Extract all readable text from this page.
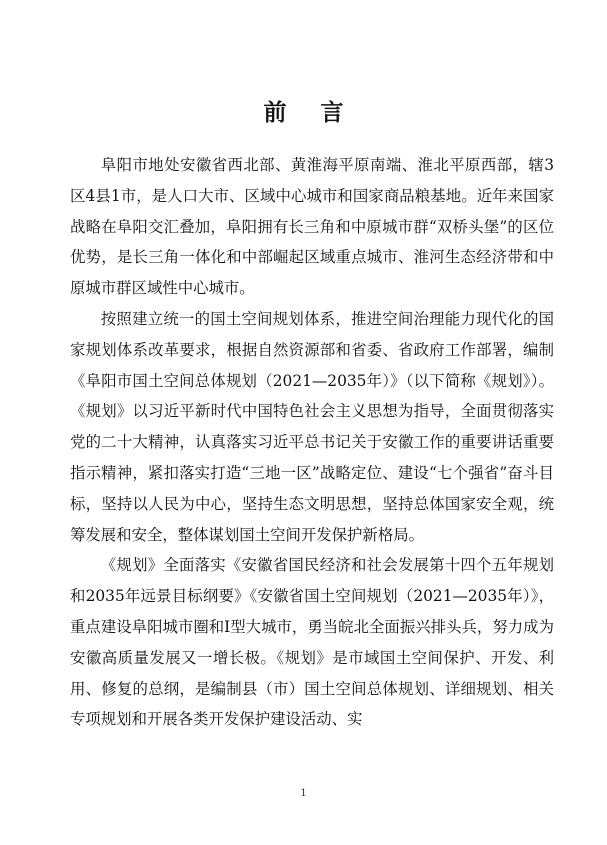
前 言

阜阳市地处安徽省西北部、黄淮海平原南端、淮北平原西部，辖3区4县1市，是人口大市、区域中心城市和国家商品粮基地。近年来国家战略在阜阳交汇叠加，阜阳拥有长三角和中原城市群“双桥头堡”的区位优势，是长三角一体化和中部崛起区域重点城市、淮河生态经济带和中原城市群区域性中心城市。

按照建立统一的国土空间规划体系，推进空间治理能力现代化的国家规划体系改革要求，根据自然资源部和省委、省政府工作部署，编制《阜阳市国土空间总体规划（2021—2035年）》（以下简称《规划》）。《规划》以习近平新时代中国特色社会主义思想为指导，全面贯彻落实党的二十大精神，认真落实习近平总书记关于安徽工作的重要讲话重要指示精神，紧扣落实打造“三地一区”战略定位、建设“七个强省”奋斗目标，坚持以人民为中心，坚持生态文明思想，坚持总体国家安全观，统筹发展和安全，整体谋划国土空间开发保护新格局。

《规划》全面落实《安徽省国民经济和社会发展第十四个五年规划和2035年远景目标纲要》《安徽省国土空间规划（2021—2035年）》，重点建设阜阳城市圈和Ⅰ型大城市，勇当皖北全面振兴排头兵，努力成为安徽高质量发展又一增长极。《规划》是市域国土空间保护、开发、利用、修复的总纲，是编制县（市）国土空间总体规划、详细规划、相关专项规划和开展各类开发保护建设活动、实

1
